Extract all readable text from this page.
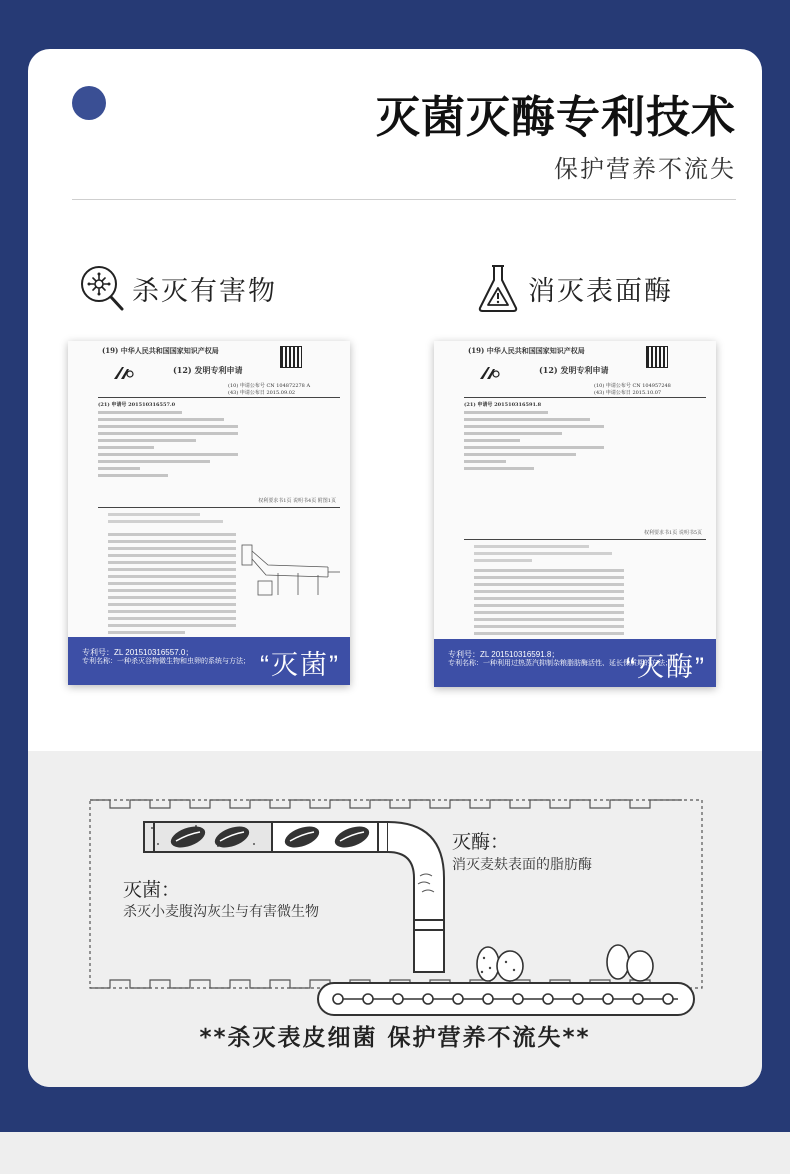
灭菌灭酶专利技术
保护营养不流失
杀灭有害物	消灭表面酶
(19) 中华人民共和国国家知识产权局
(12) 发明专利申请
(10) 申请公布号 CN 104872278 A
(43) 申请公布日 2015.09.02
(21) 申请号 201510316557.0
权利要求书1页 说明书4页 附图1页
专利号：ZL 201510316557.0；
专利名称：一种杀灭谷物微生物和虫卵的系统与方法； “灭菌”
(19) 中华人民共和国国家知识产权局
(12) 发明专利申请
(10) 申请公布号 CN 104957248
(43) 申请公布日 2015.10.07
(21) 申请号 201510316591.8
权利要求书1页 说明书5页
专利号：ZL 201510316591.8；
专利名称：一种利用过热蒸汽抑制杂粮脂肪酶活性、延长保质期的方法；
“灭酶”
灭酶：
消灭麦麸表面的脂肪酶
灭菌：
杀灭小麦腹沟灰尘与有害微生物
**杀灭表皮细菌 保护营养不流失**
